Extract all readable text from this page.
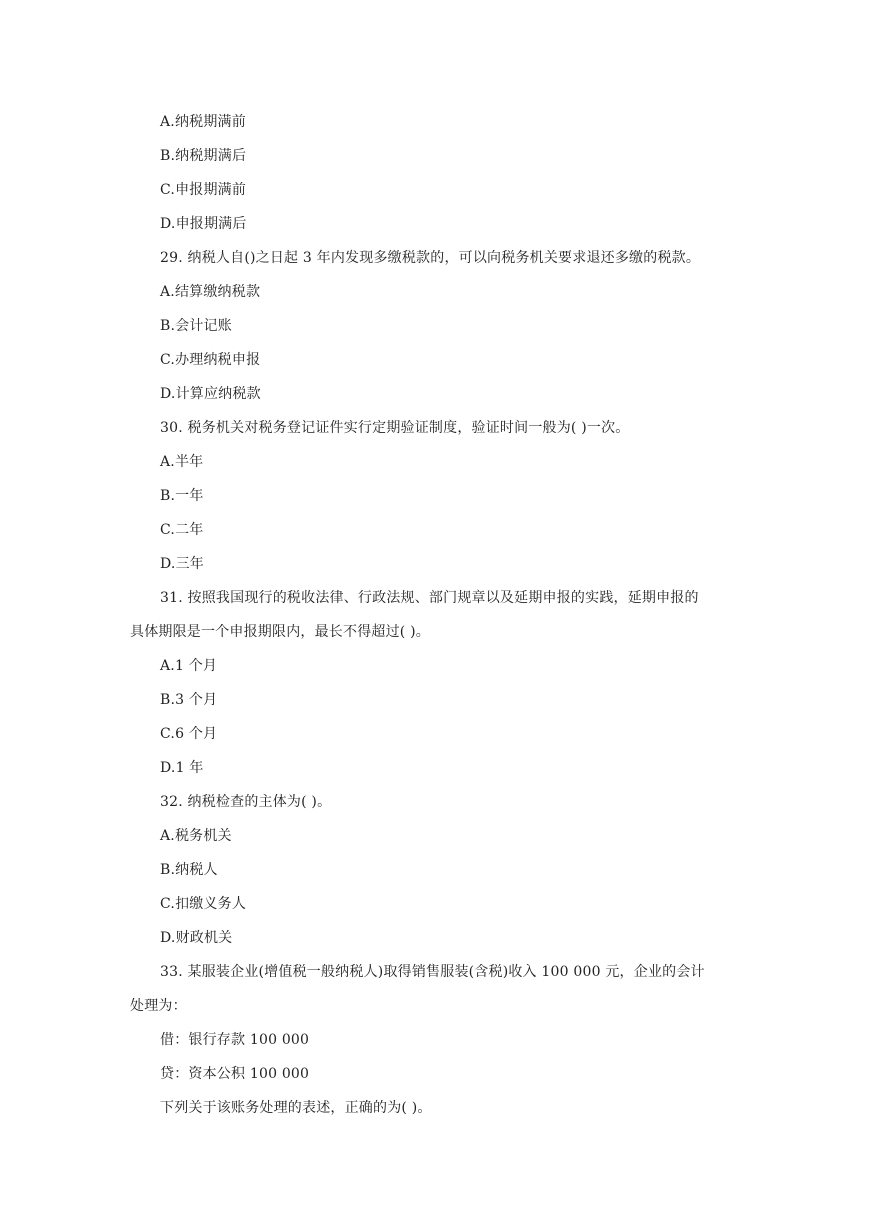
A.纳税期满前
B.纳税期满后
C.申报期满前
D.申报期满后
29. 纳税人自()之日起 3 年内发现多缴税款的，可以向税务机关要求退还多缴的税款。
A.结算缴纳税款
B.会计记账
C.办理纳税申报
D.计算应纳税款
30. 税务机关对税务登记证件实行定期验证制度，验证时间一般为( )一次。
A.半年
B.一年
C.二年
D.三年
31. 按照我国现行的税收法律、行政法规、部门规章以及延期申报的实践，延期申报的
具体期限是一个申报期限内，最长不得超过( )。
A.1 个月
B.3 个月
C.6 个月
D.1 年
32. 纳税检查的主体为( )。
A.税务机关
B.纳税人
C.扣缴义务人
D.财政机关
33. 某服装企业(增值税一般纳税人)取得销售服装(含税)收入 100 000 元，企业的会计
处理为：
借：银行存款 100 000
贷：资本公积 100 000
下列关于该账务处理的表述，正确的为( )。
